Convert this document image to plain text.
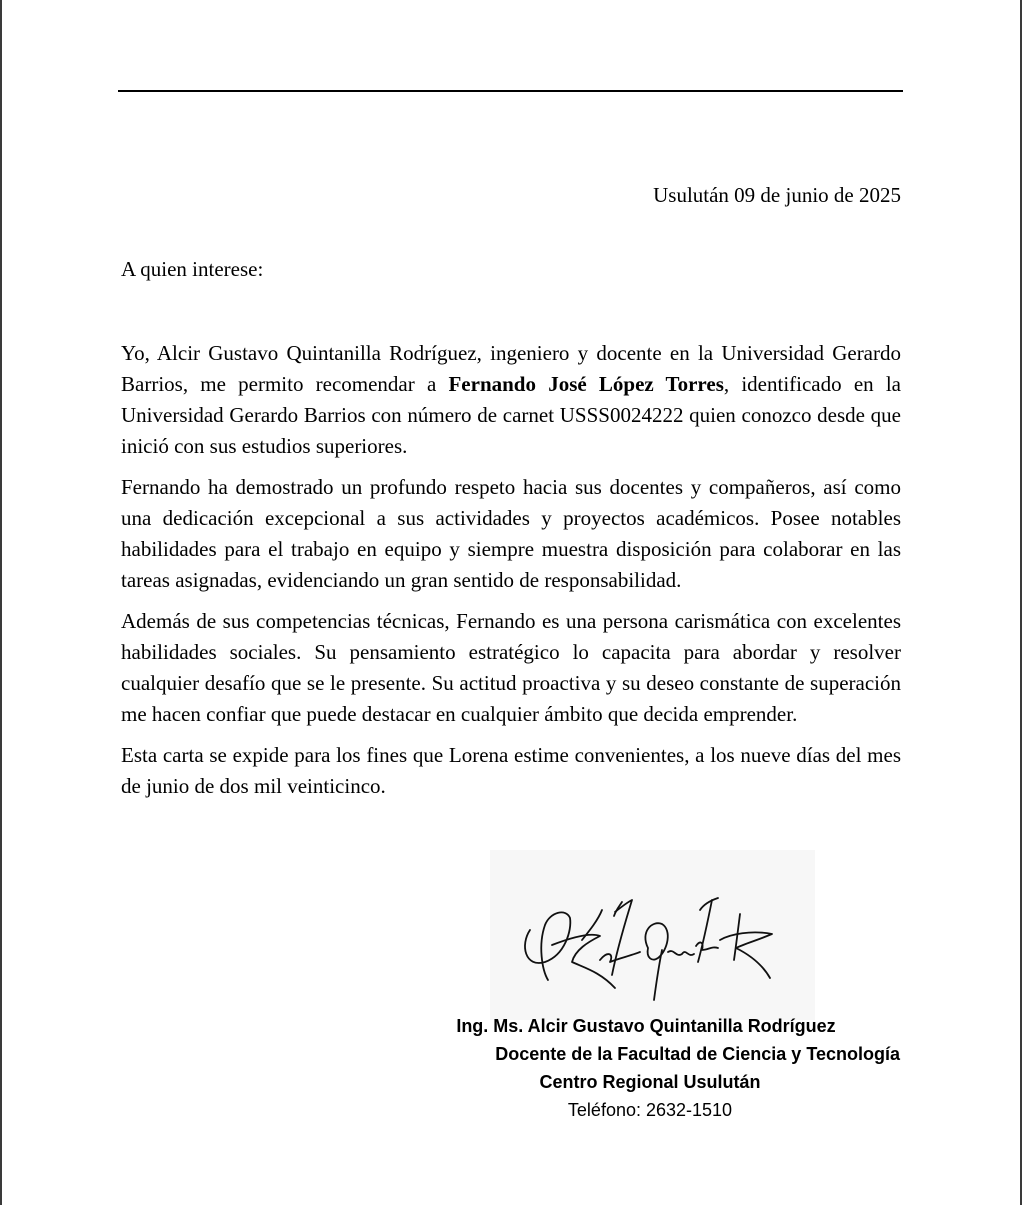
Usulután 09 de junio de 2025
A quien interese:

Yo, Alcir Gustavo Quintanilla Rodríguez, ingeniero y docente en la Universidad Gerardo Barrios, me permito recomendar a Fernando José López Torres, identificado en la Universidad Gerardo Barrios con número de carnet USSS0024222 quien conozco desde que inició con sus estudios superiores.

Fernando ha demostrado un profundo respeto hacia sus docentes y compañeros, así como una dedicación excepcional a sus actividades y proyectos académicos. Posee notables habilidades para el trabajo en equipo y siempre muestra disposición para colaborar en las tareas asignadas, evidenciando un gran sentido de responsabilidad.

Además de sus competencias técnicas, Fernando es una persona carismática con excelentes habilidades sociales. Su pensamiento estratégico lo capacita para abordar y resolver cualquier desafío que se le presente. Su actitud proactiva y su deseo constante de superación me hacen confiar que puede destacar en cualquier ámbito que decida emprender.

Esta carta se expide para los fines que Lorena estime convenientes, a los nueve días del mes de junio de dos mil veinticinco.

Ing. Ms. Alcir Gustavo Quintanilla Rodríguez
Docente de la Facultad de Ciencia y Tecnología
Centro Regional Usulután
Teléfono: 2632-1510
